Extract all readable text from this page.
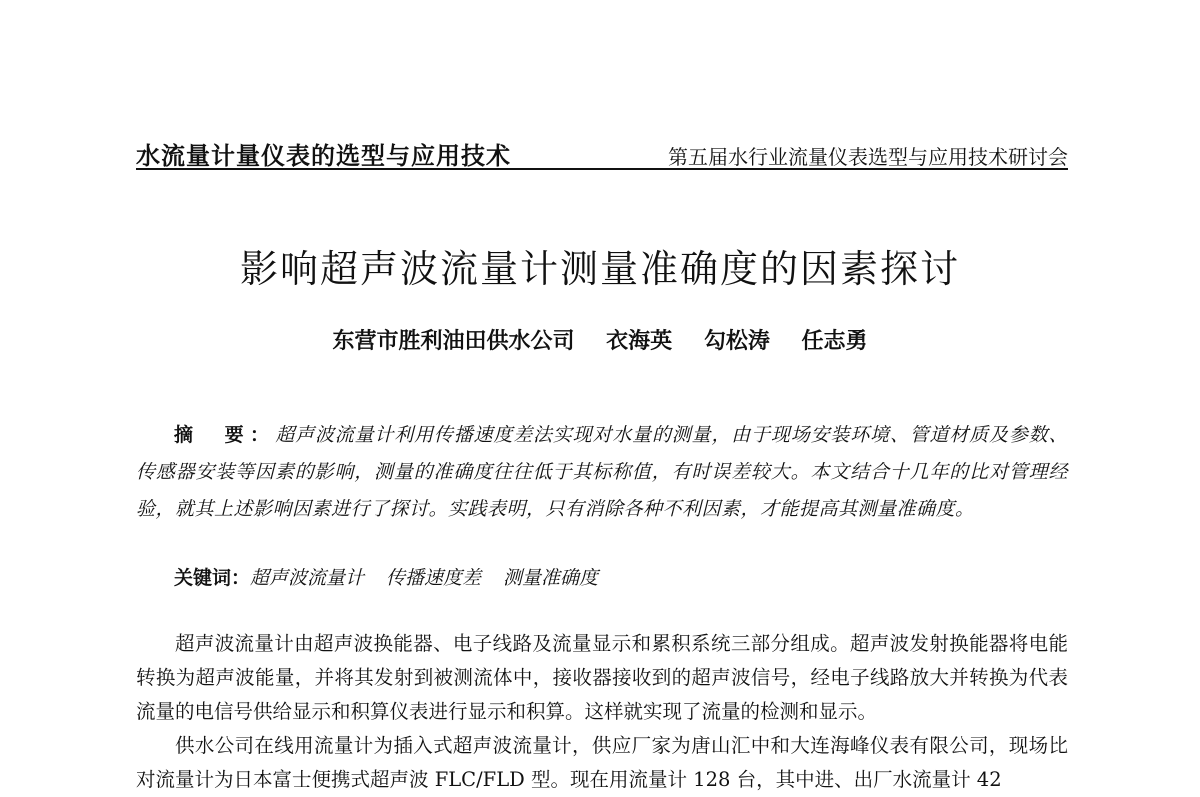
水流量计量仪表的选型与应用技术	第五届水行业流量仪表选型与应用技术研讨会
影响超声波流量计测量准确度的因素探讨
东营市胜利油田供水公司 衣海英 勾松涛 任志勇
摘　要：超声波流量计利用传播速度差法实现对水量的测量，由于现场安装环境、管道材质及参数、传感器安装等因素的影响，测量的准确度往往低于其标称值，有时误差较大。本文结合十几年的比对管理经验，就其上述影响因素进行了探讨。实践表明，只有消除各种不利因素，才能提高其测量准确度。
关键词：超声波流量计 传播速度差 测量准确度

超声波流量计由超声波换能器、电子线路及流量显示和累积系统三部分组成。超声波发射换能器将电能转换为超声波能量，并将其发射到被测流体中，接收器接收到的超声波信号，经电子线路放大并转换为代表流量的电信号供给显示和积算仪表进行显示和积算。这样就实现了流量的检测和显示。

供水公司在线用流量计为插入式超声波流量计，供应厂家为唐山汇中和大连海峰仪表有限公司，现场比对流量计为日本富士便携式超声波 FLC/FLD 型。现在用流量计 128 台，其中进、出厂水流量计 42
